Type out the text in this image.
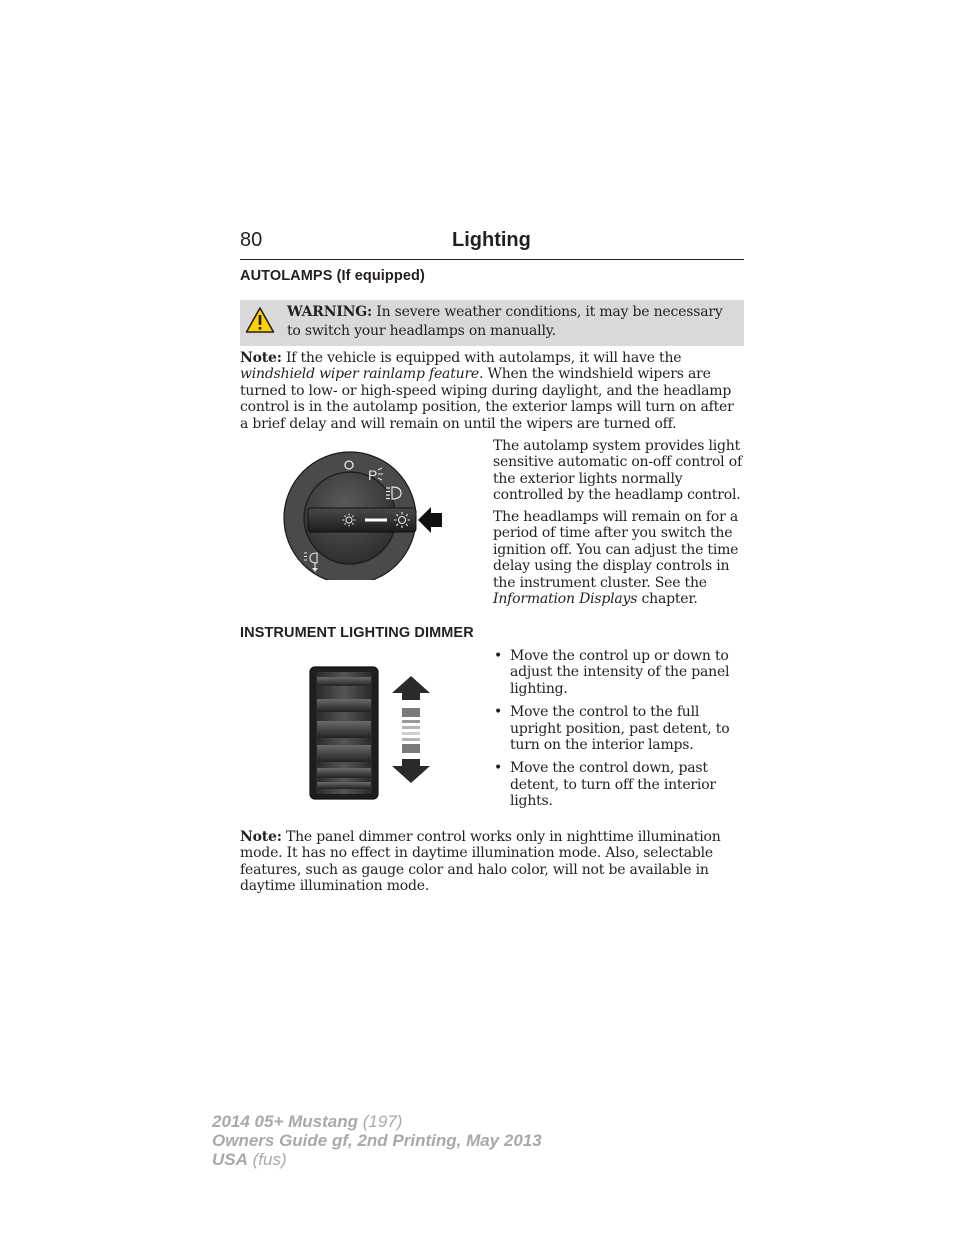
80	Lighting
AUTOLAMPS (If equipped)
WARNING: In severe weather conditions, it may be necessary to switch your headlamps on manually.
Note: If the vehicle is equipped with autolamps, it will have the windshield wiper rainlamp feature. When the windshield wipers are turned to low- or high-speed wiping during daylight, and the headlamp control is in the autolamp position, the exterior lamps will turn on after a brief delay and will remain on until the wipers are turned off.
P
The autolamp system provides light sensitive automatic on-off control of the exterior lights normally controlled by the headlamp control.
The headlamps will remain on for a period of time after you switch the ignition off. You can adjust the time delay using the display controls in the instrument cluster. See the Information Displays chapter.
INSTRUMENT LIGHTING DIMMER
• Move the control up or down to adjust the intensity of the panel lighting.
• Move the control to the full upright position, past detent, to turn on the interior lamps.
• Move the control down, past detent, to turn off the interior lights.
Note: The panel dimmer control works only in nighttime illumination mode. It has no effect in daytime illumination mode. Also, selectable features, such as gauge color and halo color, will not be available in daytime illumination mode.
2014 05+ Mustang (197)
Owners Guide gf, 2nd Printing, May 2013
USA (fus)
